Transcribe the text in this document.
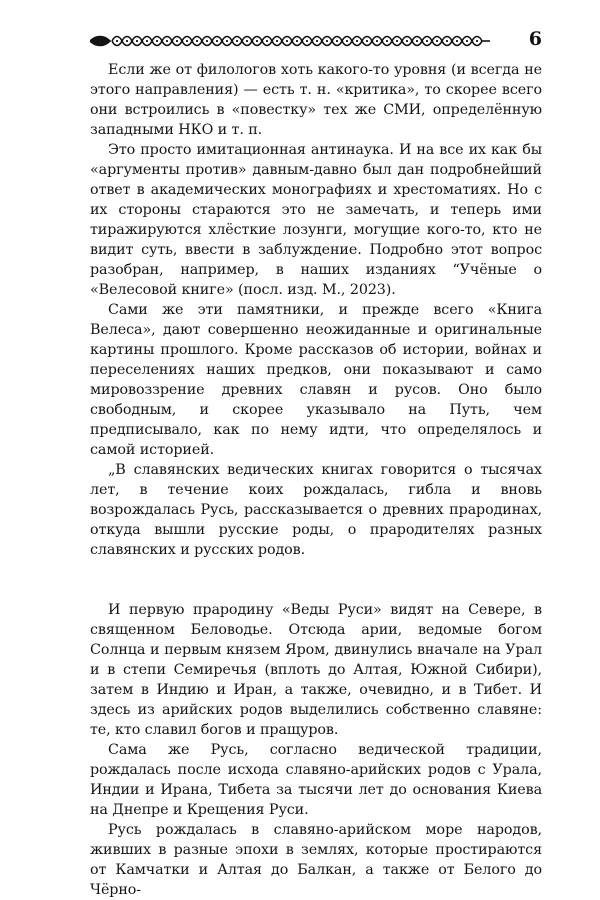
6

Если же от филологов хоть какого-то уровня (и всегда не этого направления) — есть т. н. «критика», то скорее всего они встроились в «повестку» тех же СМИ, определённую западными НКО и т. п.

Это просто имитационная антинаука. И на все их как бы «аргументы против» давным-давно был дан подробнейший ответ в академических монографиях и хрестоматиях. Но с их стороны стараются это не замечать, и теперь ими тиражируются хлёсткие лозунги, могущие кого-то, кто не видит суть, ввести в заблуждение. Подробно этот вопрос разобран, например, в наших изданиях “Учёные о «Велесовой книге» (посл. изд. М., 2023).

Сами же эти памятники, и прежде всего «Книга Велеса», дают совершенно неожиданные и оригинальные картины прошлого. Кроме рассказов об истории, войнах и переселениях наших предков, они показывают и само мировоззрение древних славян и русов. Оно было свободным, и скорее указывало на Путь, чем предписывало, как по нему идти, что определялось и самой историей.

„В славянских ведических книгах говорится о тысячах лет, в течение коих рождалась, гибла и вновь возрождалась Русь, рассказывается о древних прародинах, откуда вышли русские роды, о прародителях разных славянских и русских родов.

И первую прародину «Веды Руси» видят на Севере, в священном Беловодье. Отсюда арии, ведомые богом Солнца и первым князем Яром, двинулись вначале на Урал и в степи Семиречья (вплоть до Алтая, Южной Сибири), затем в Индию и Иран, а также, очевидно, и в Тибет. И здесь из арийских родов выделились собственно славяне: те, кто славил богов и пращуров.

Сама же Русь, согласно ведической традиции, рождалась после исхода славяно-арийских родов с Урала, Индии и Ирана, Тибета за тысячи лет до основания Киева на Днепре и Крещения Руси.

Русь рождалась в славяно-арийском море народов, живших в разные эпохи в землях, которые простираются от Камчатки и Алтая до Балкан, а также от Белого до Чёрно-
